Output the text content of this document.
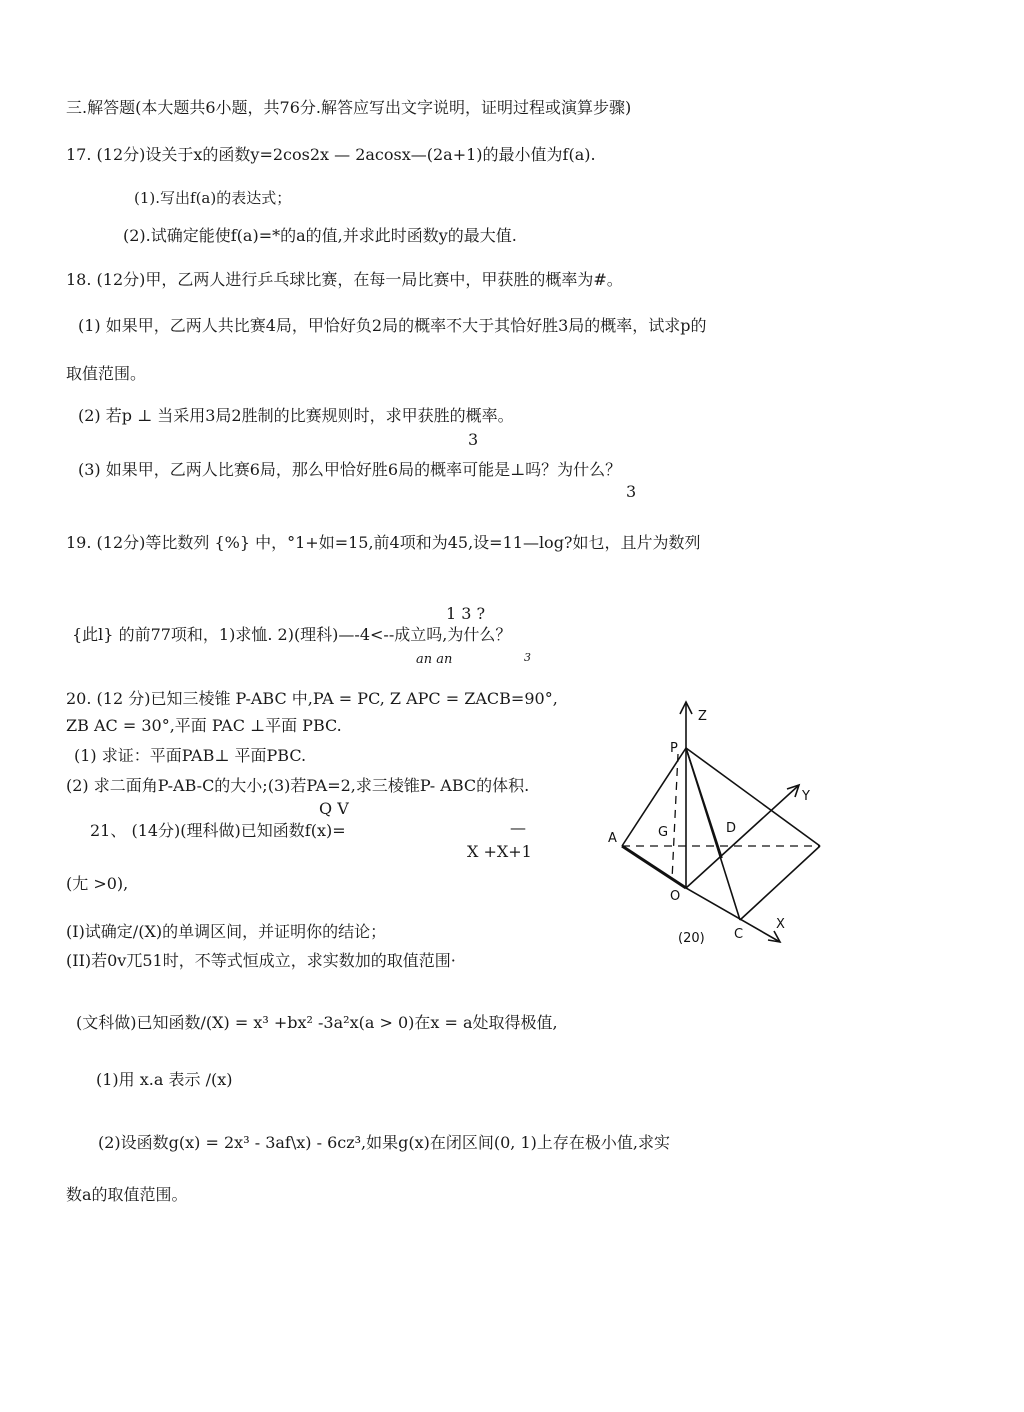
三.解答题(本大题共6小题，共76分.解答应写出文字说明，证明过程或演算步骤)
17. (12分)设关于x的函数y=2cos2x — 2acosx—(2a+1)的最小值为f(a).
(1).写出f(a)的表达式；
(2).试确定能使f(a)=*的a的值,并求此时函数y的最大值.
18. (12分)甲，乙两人进行乒乓球比赛，在每一局比赛中，甲获胜的概率为#。
(1) 如果甲，乙两人共比赛4局，甲恰好负2局的概率不大于其恰好胜3局的概率，试求p的
取值范围。
(2) 若p ⊥ 当采用3局2胜制的比赛规则时，求甲获胜的概率。
3
(3) 如果甲，乙两人比赛6局，那么甲恰好胜6局的概率可能是⊥吗？为什么？
3
19. (12分)等比数列 {%} 中，°1+如=15,前4项和为45,设=11—log?如乜，且片为数列
1 3 ?
{此l} 的前77项和，1)求恤. 2)(理科)—-4<--成立吗,为什么？
an an	3
20. (12 分)已知三棱锥 P-ABC 中,PA = PC, Z APC = ZACB=90°,
ZB AC = 30°,平面 PAC ⊥平面 PBC.
(1) 求证：平面PAB⊥ 平面PBC.
(2) 求二面角P-AB-C的大小;(3)若PA=2,求三棱锥P- ABC的体积.
Q V
21、 (14分)(理科做)已知函数f(x)=	—
X +X+1
(尢 >0),
(I)试确定/(X)的单调区间，并证明你的结论；
(II)若0v兀51时，不等式恒成立，求实数加的取值范围·
(文科做)已知函数/(X) = x³ +bx² -3a²x(a > 0)在x = a处取得极值,
(1)用 x.a 表示 /(x)
(2)设函数g(x) = 2x³ - 3af\x) - 6cz³,如果g(x)在闭区间(0, 1)上存在极小值,求实
数a的取值范围。
Z
Y
X
P
A	G	D
O
C
(20)
